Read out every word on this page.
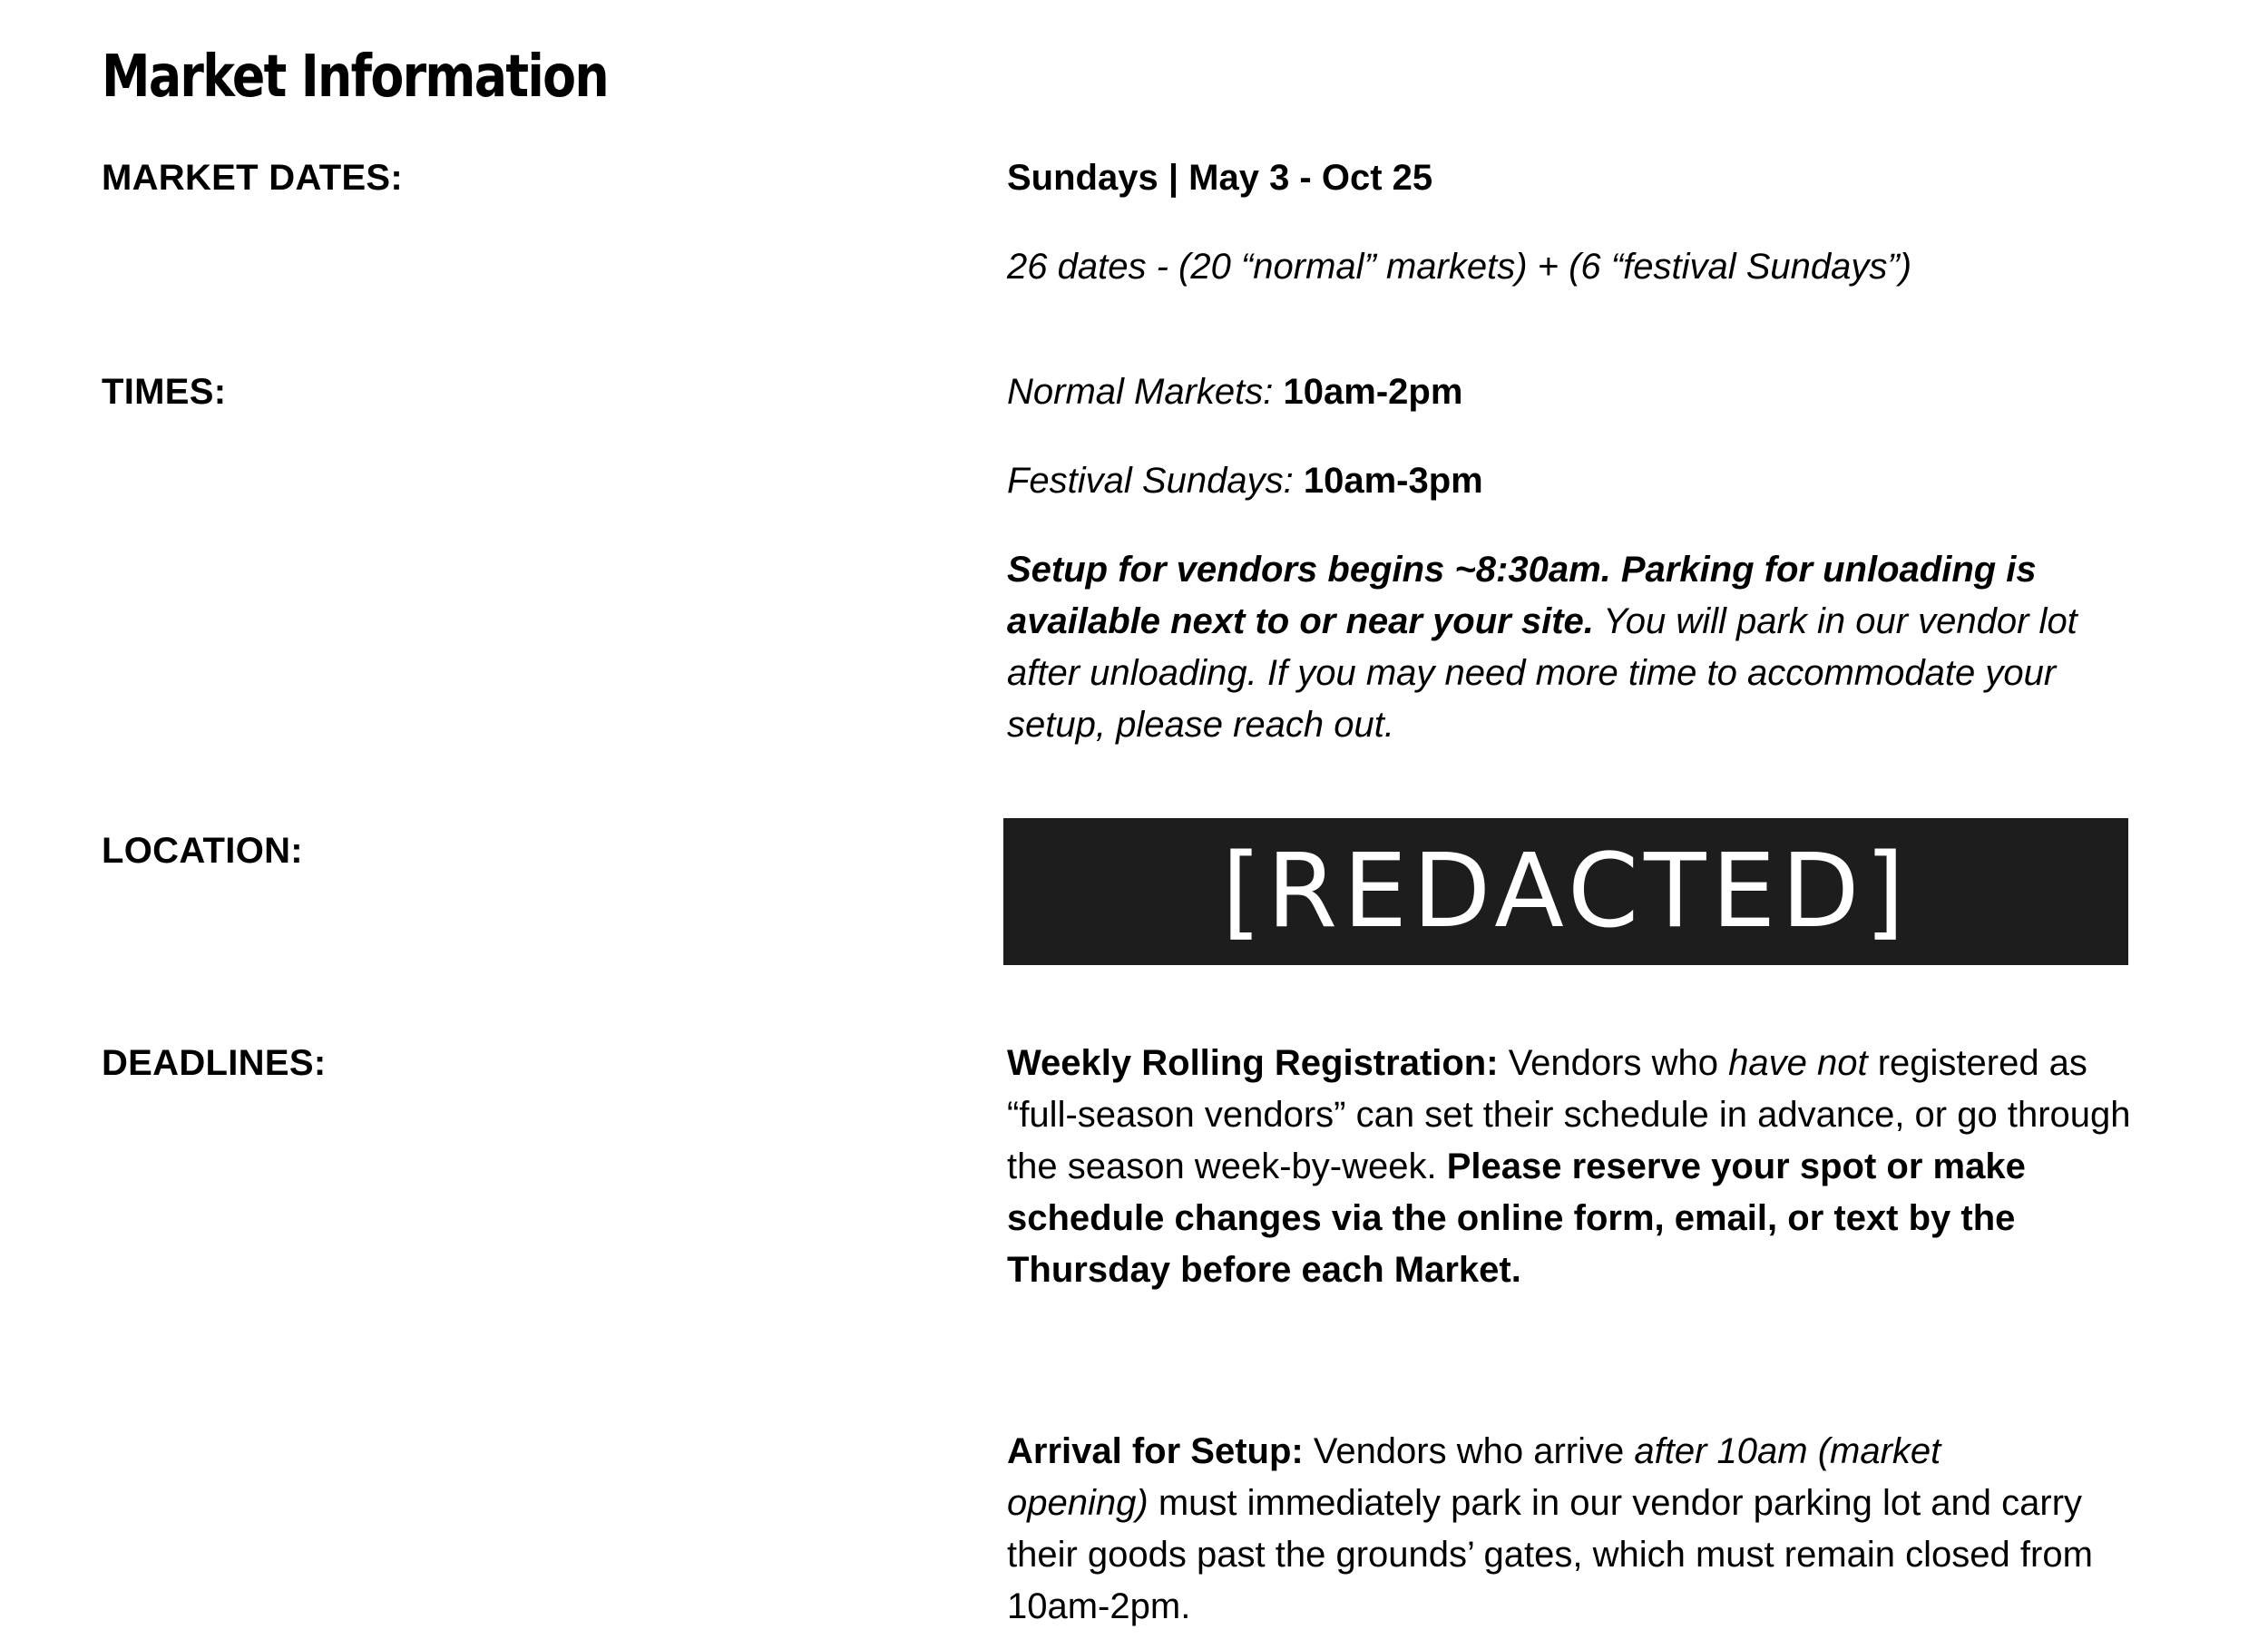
Market Information
MARKET DATES:	Sundays | May 3 - Oct 25
26 dates - (20 “normal” markets) + (6 “festival Sundays”)
TIMES:	Normal Markets: 10am-2pm
Festival Sundays: 10am-3pm
Setup for vendors begins ~8:30am. Parking for unloading is
available next to or near your site. You will park in our vendor lot
after unloading. If you may need more time to accommodate your
setup, please reach out.
LOCATION:	[REDACTED]
DEADLINES:	Weekly Rolling Registration: Vendors who have not registered as
“full-season vendors” can set their schedule in advance, or go through
the season week-by-week. Please reserve your spot or make
schedule changes via the online form, email, or text by the
Thursday before each Market.
Arrival for Setup: Vendors who arrive after 10am (market
opening) must immediately park in our vendor parking lot and carry
their goods past the grounds’ gates, which must remain closed from
10am-2pm.
